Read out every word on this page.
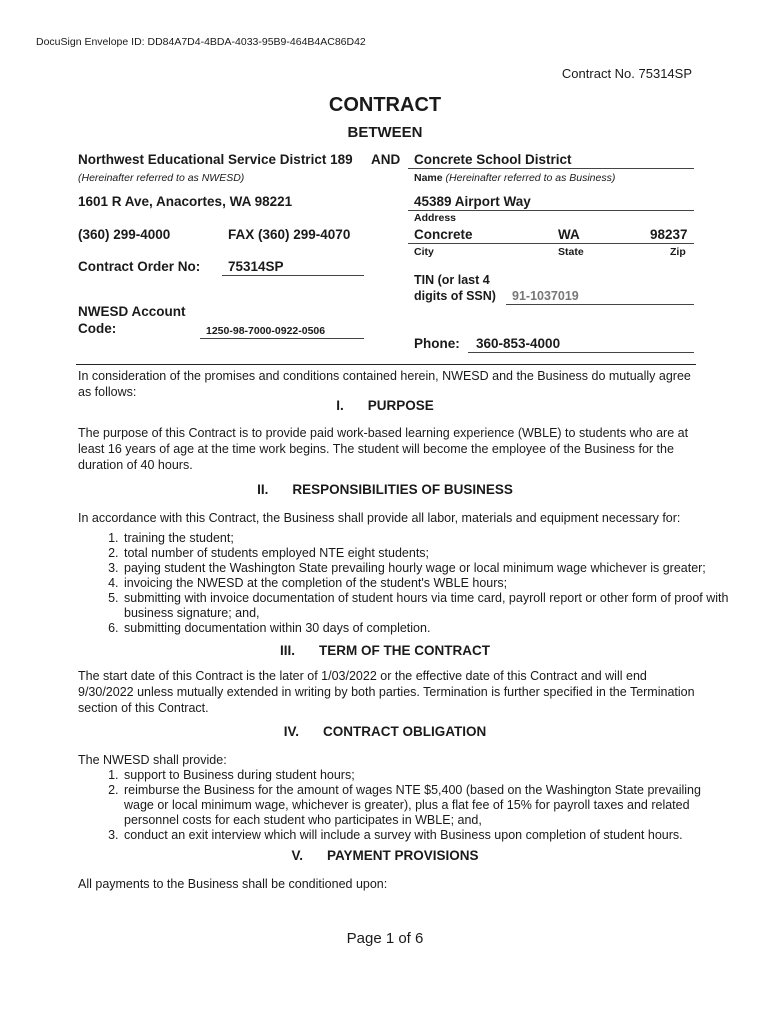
DocuSign Envelope ID: DD84A7D4-4BDA-4033-95B9-464B4AC86D42
Contract No. 75314SP
CONTRACT
BETWEEN
Northwest Educational Service District 189
(Hereinafter referred to as NWESD)
1601 R Ave, Anacortes, WA 98221
(360) 299-4000	FAX (360) 299-4070
Contract Order No: 75314SP
NWESD Account
Code:	1250-98-7000-0922-0506
AND Concrete School District
Name (Hereinafter referred to as Business)
45389 Airport Way
Address
Concrete	WA	98237
City	State	Zip
TIN (or last 4
digits of SSN) 91-1037019
Phone: 360-853-4000
In consideration of the promises and conditions contained herein, NWESD and the Business do mutually agree as follows:
I. PURPOSE
The purpose of this Contract is to provide paid work-based learning experience (WBLE) to students who are at least 16 years of age at the time work begins. The student will become the employee of the Business for the duration of 40 hours.
II. RESPONSIBILITIES OF BUSINESS
In accordance with this Contract, the Business shall provide all labor, materials and equipment necessary for:
1. training the student;
2. total number of students employed NTE eight students;
3. paying student the Washington State prevailing hourly wage or local minimum wage whichever is greater;
4. invoicing the NWESD at the completion of the student's WBLE hours;
5. submitting with invoice documentation of student hours via time card, payroll report or other form of proof with business signature; and,
6. submitting documentation within 30 days of completion.
III. TERM OF THE CONTRACT
The start date of this Contract is the later of 1/03/2022 or the effective date of this Contract and will end 9/30/2022 unless mutually extended in writing by both parties. Termination is further specified in the Termination section of this Contract.
IV. CONTRACT OBLIGATION
The NWESD shall provide:
1. support to Business during student hours;
2. reimburse the Business for the amount of wages NTE $5,400 (based on the Washington State prevailing wage or local minimum wage, whichever is greater), plus a flat fee of 15% for payroll taxes and related personnel costs for each student who participates in WBLE; and,
3. conduct an exit interview which will include a survey with Business upon completion of student hours.
V. PAYMENT PROVISIONS
All payments to the Business shall be conditioned upon:
Page 1 of 6
